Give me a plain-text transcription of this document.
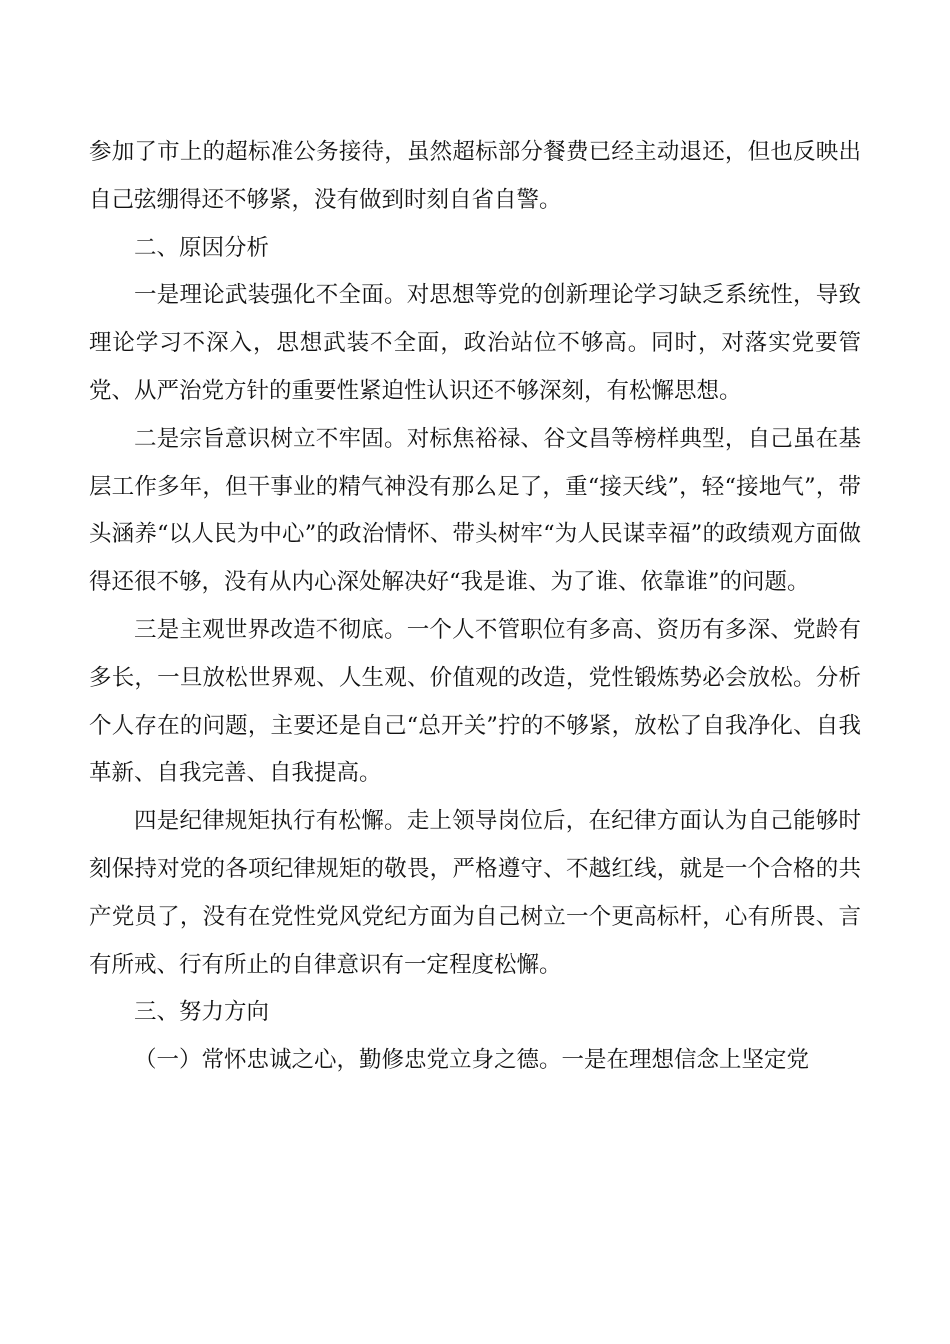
参加了市上的超标准公务接待，虽然超标部分餐费已经主动退还，但也反映出自己弦绷得还不够紧，没有做到时刻自省自警。

二、原因分析

一是理论武装强化不全面。对思想等党的创新理论学习缺乏系统性，导致理论学习不深入，思想武装不全面，政治站位不够高。同时，对落实党要管党、从严治党方针的重要性紧迫性认识还不够深刻，有松懈思想。

二是宗旨意识树立不牢固。对标焦裕禄、谷文昌等榜样典型，自己虽在基层工作多年，但干事业的精气神没有那么足了，重“接天线”，轻“接地气”，带头涵养“以人民为中心”的政治情怀、带头树牢“为人民谋幸福”的政绩观方面做得还很不够，没有从内心深处解决好“我是谁、为了谁、依靠谁”的问题。

三是主观世界改造不彻底。一个人不管职位有多高、资历有多深、党龄有多长，一旦放松世界观、人生观、价值观的改造，党性锻炼势必会放松。分析个人存在的问题，主要还是自己“总开关”拧的不够紧，放松了自我净化、自我革新、自我完善、自我提高。

四是纪律规矩执行有松懈。走上领导岗位后，在纪律方面认为自己能够时刻保持对党的各项纪律规矩的敬畏，严格遵守、不越红线，就是一个合格的共产党员了，没有在党性党风党纪方面为自己树立一个更高标杆，心有所畏、言有所戒、行有所止的自律意识有一定程度松懈。

三、努力方向

（一）常怀忠诚之心，勤修忠党立身之德。一是在理想信念上坚定党
